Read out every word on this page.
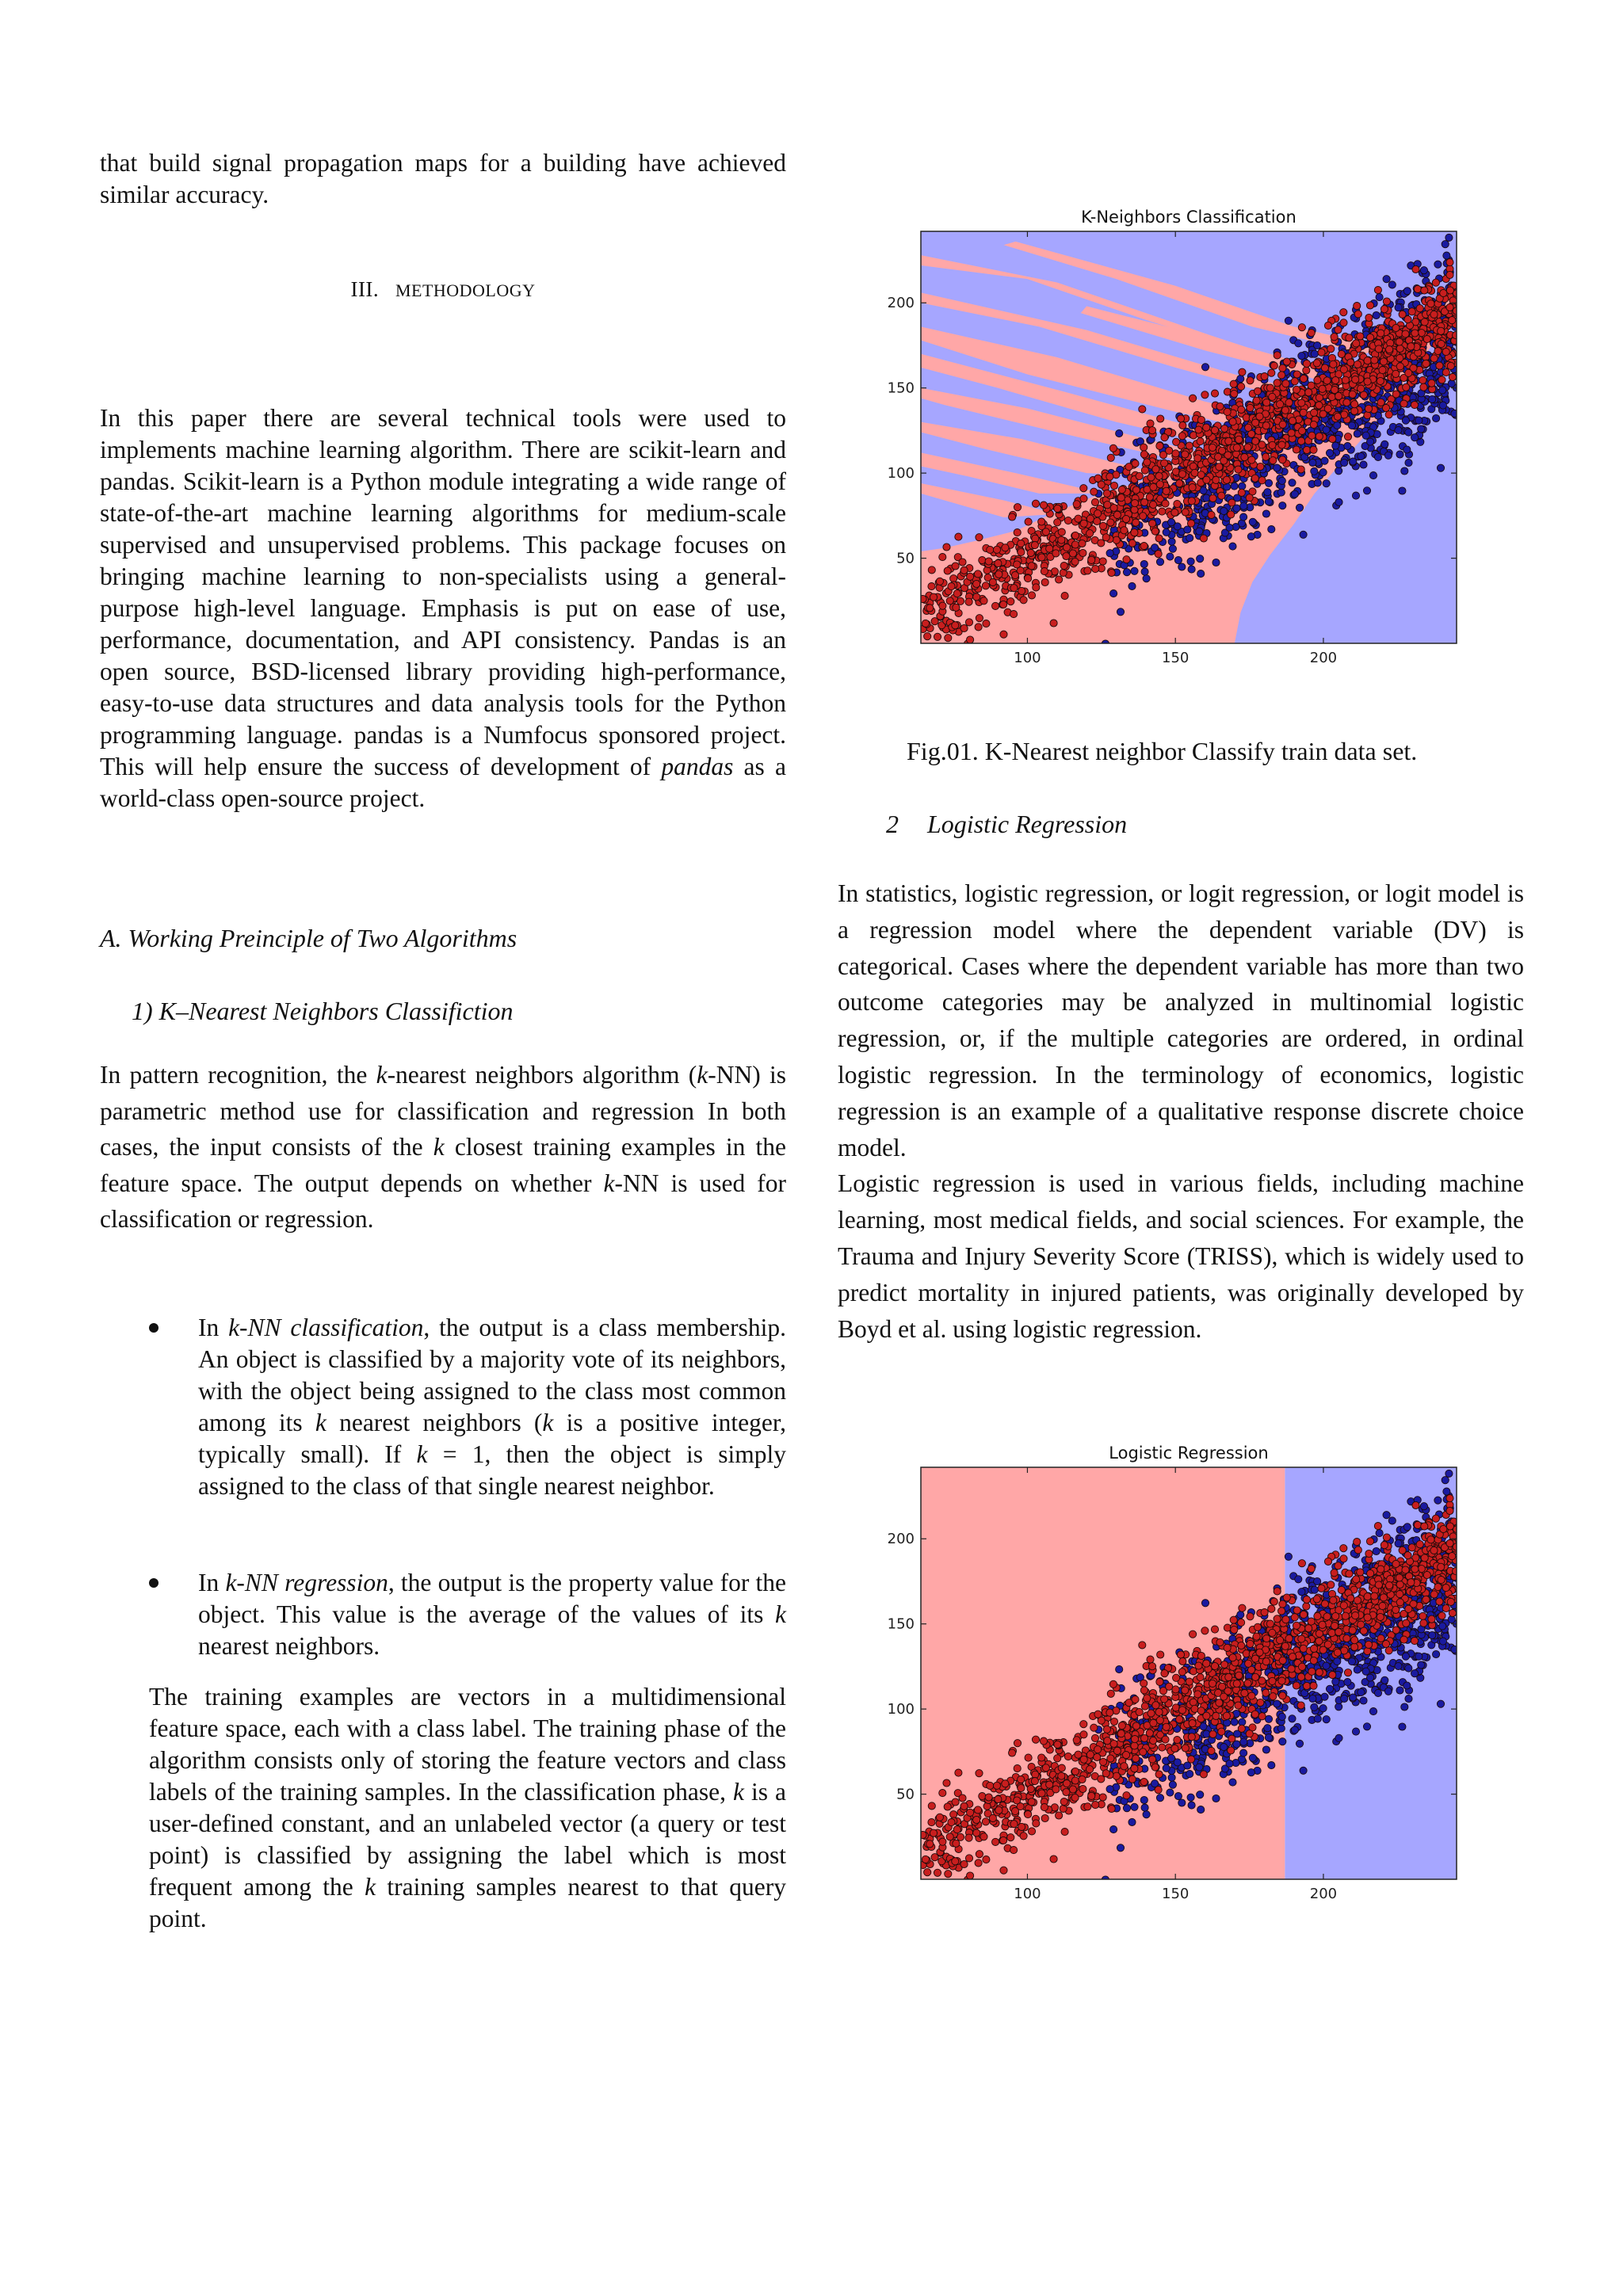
that build signal propagation maps for a building have achieved similar accuracy.

III. METHODOLOGY

In this paper there are several technical tools were used to implements machine learning algorithm. There are scikit-learn and pandas. Scikit-learn is a Python module integrating a wide range of state-of-the-art machine learning algorithms for medium-scale supervised and unsupervised problems. This package focuses on bringing machine learning to non-specialists using a general-purpose high-level language. Emphasis is put on ease of use, performance, documentation, and API consistency. Pandas is an open source, BSD-licensed library providing high-performance, easy-to-use data structures and data analysis tools for the Python programming language. pandas is a Numfocus sponsored project. This will help ensure the success of development of pandas as a world-class open-source project.

A. Working Preinciple of Two Algorithms
1) K–Nearest Neighbors Classifiction

In pattern recognition, the k-nearest neighbors algorithm (k-NN) is parametric method use for classification and regression In both cases, the input consists of the k closest training examples in the feature space. The output depends on whether k-NN is used for classification or regression.

In k-NN classification, the output is a class membership. An object is classified by a majority vote of its neighbors, with the object being assigned to the class most common among its k nearest neighbors (k is a positive integer, typically small). If k = 1, then the object is simply assigned to the class of that single nearest neighbor.

In k-NN regression, the output is the property value for the object. This value is the average of the values of its k nearest neighbors.

The training examples are vectors in a multidimensional feature space, each with a class label. The training phase of the algorithm consists only of storing the feature vectors and class labels of the training samples. In the classification phase, k is a user-defined constant, and an unlabeled vector (a query or test point) is classified by assigning the label which is most frequent among the k training samples nearest to that query point.

K-Neighbors Classification
100	150	200
50
100
150
200
Fig.01. K-Nearest neighbor Classify train data set.
2 Logistic Regression

In statistics, logistic regression, or logit regression, or logit model is a regression model where the dependent variable (DV) is categorical. Cases where the dependent variable has more than two outcome categories may be analyzed in multinomial logistic regression, or, if the multiple categories are ordered, in ordinal logistic regression. In the terminology of economics, logistic regression is an example of a qualitative response discrete choice model.

Logistic regression is used in various fields, including machine learning, most medical fields, and social sciences. For example, the Trauma and Injury Severity Score (TRISS), which is widely used to predict mortality in injured patients, was originally developed by Boyd et al. using logistic regression.

Logistic Regression
100	150	200
50
100
150
200
